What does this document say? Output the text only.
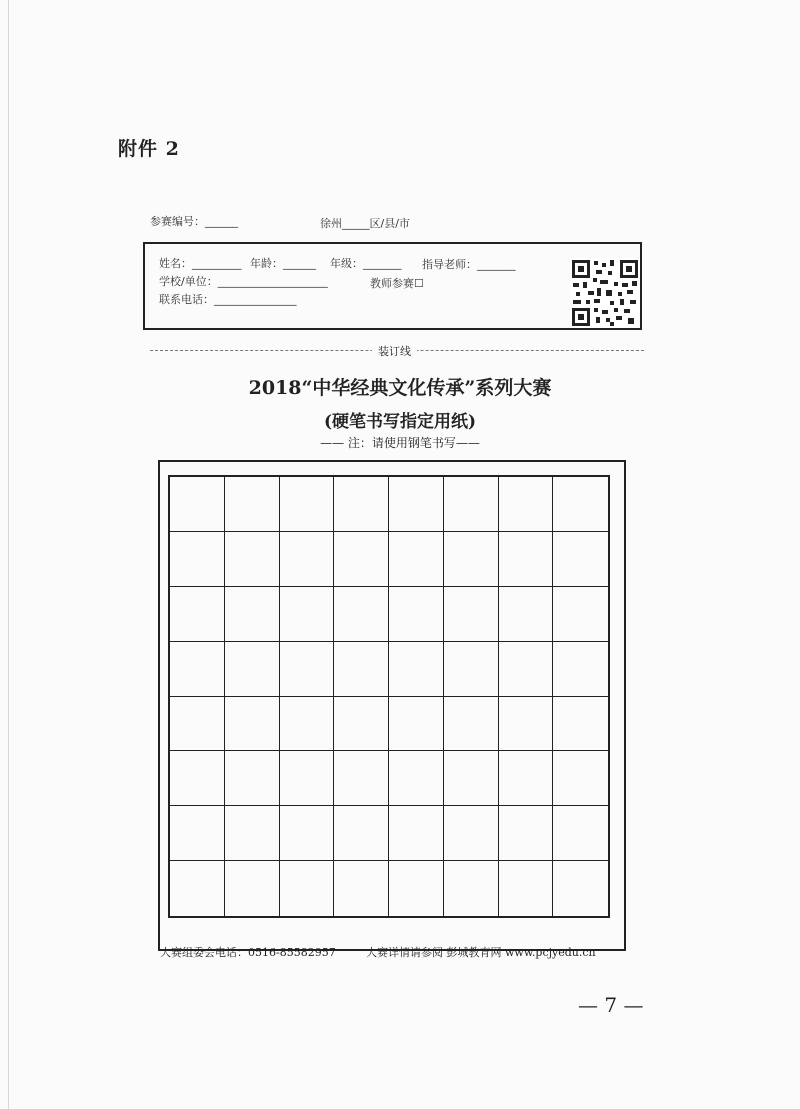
附件 2
参赛编号：______	徐州_____区/县/市
姓名：_________ 年龄：______ 年级：_______ 指导老师：_______
学校/单位：____________________	教师参赛☐
联系电话：_______________
装订线
2018“中华经典文化传承”系列大赛
(硬笔书写指定用纸)
—— 注：请使用钢笔书写——
大赛组委会电话：0516-85582957	大赛详情请参阅 彭城教育网 www.pcjyedu.cn
— 7 —
